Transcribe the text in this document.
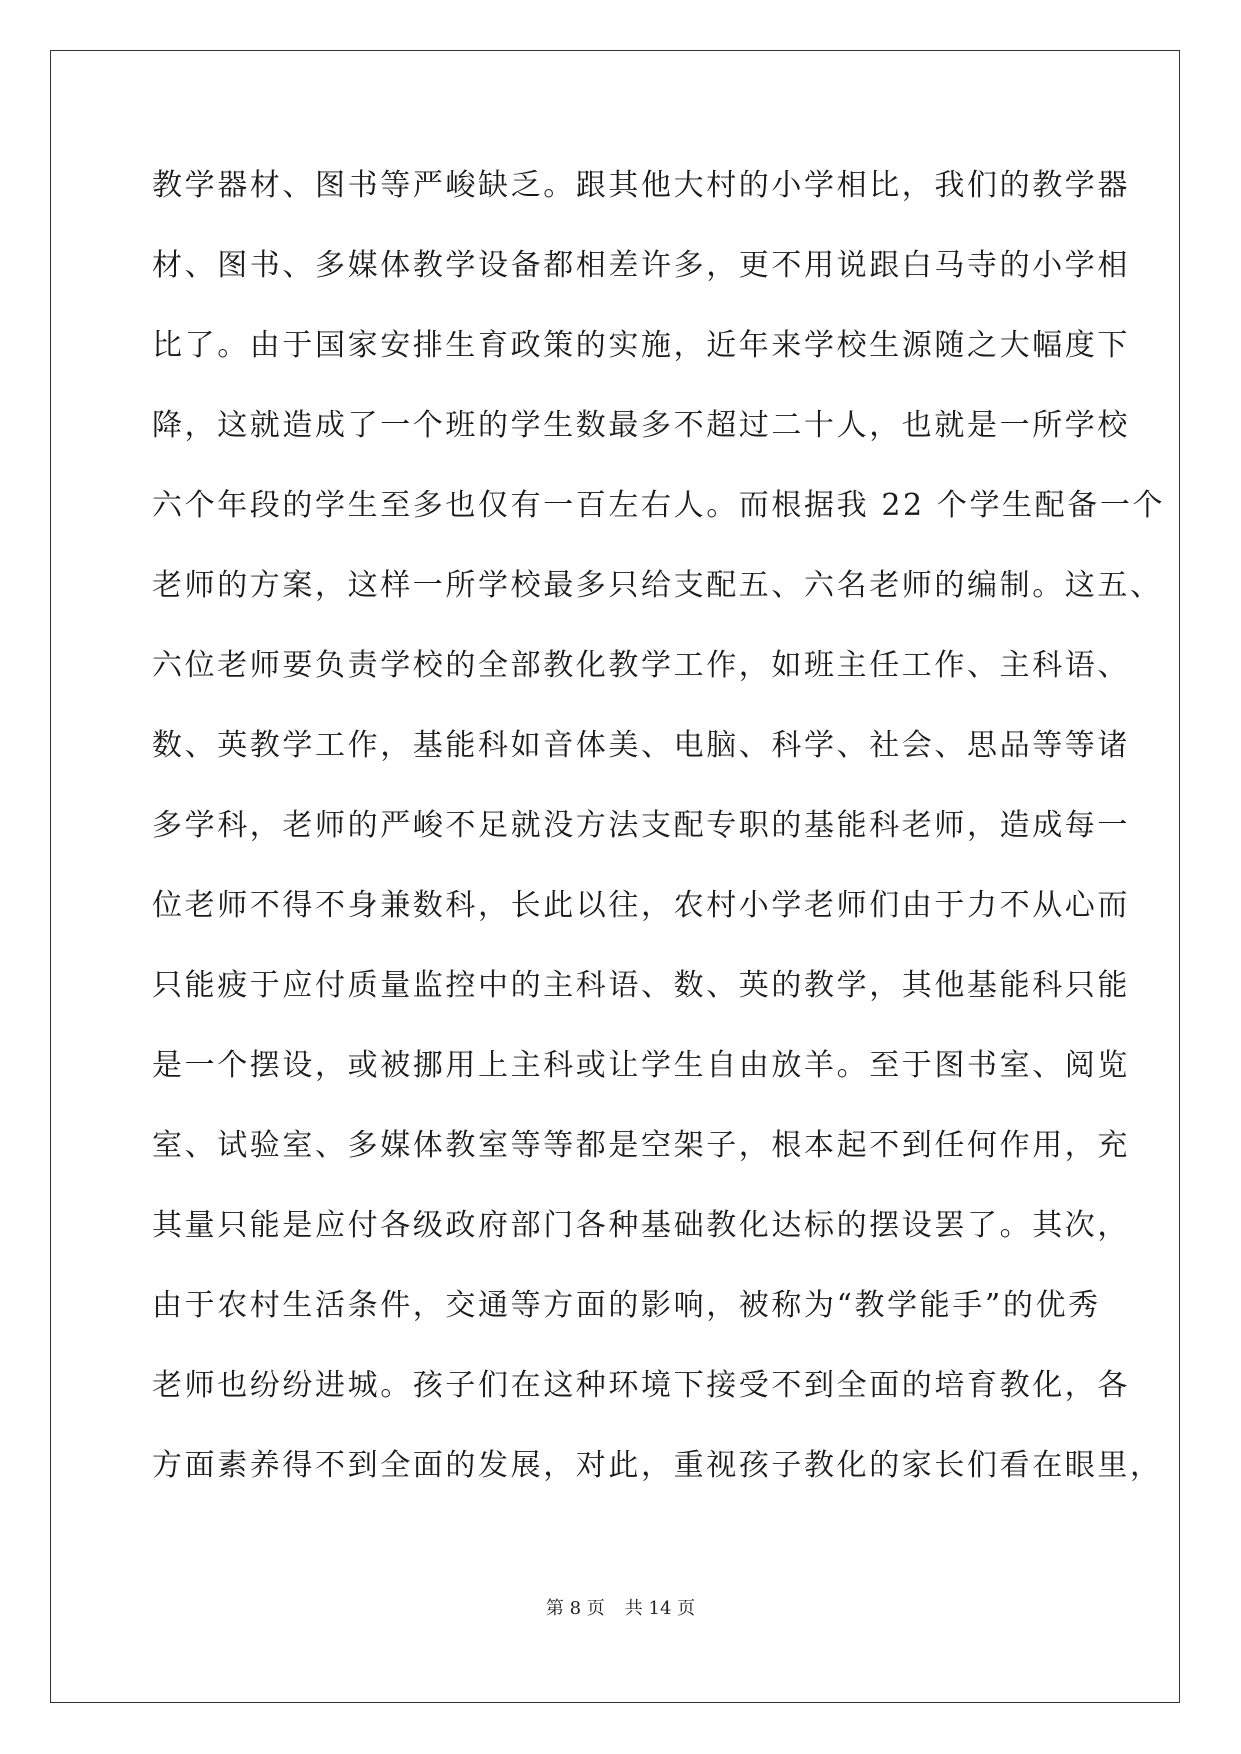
教学器材、图书等严峻缺乏。跟其他大村的小学相比，我们的教学器
材、图书、多媒体教学设备都相差许多，更不用说跟白马寺的小学相
比了。由于国家安排生育政策的实施，近年来学校生源随之大幅度下
降，这就造成了一个班的学生数最多不超过二十人，也就是一所学校
六个年段的学生至多也仅有一百左右人。而根据我 22 个学生配备一个
老师的方案，这样一所学校最多只给支配五、六名老师的编制。这五、
六位老师要负责学校的全部教化教学工作，如班主任工作、主科语、
数、英教学工作，基能科如音体美、电脑、科学、社会、思品等等诸
多学科，老师的严峻不足就没方法支配专职的基能科老师，造成每一
位老师不得不身兼数科，长此以往，农村小学老师们由于力不从心而
只能疲于应付质量监控中的主科语、数、英的教学，其他基能科只能
是一个摆设，或被挪用上主科或让学生自由放羊。至于图书室、阅览
室、试验室、多媒体教室等等都是空架子，根本起不到任何作用，充
其量只能是应付各级政府部门各种基础教化达标的摆设罢了。其次，
由于农村生活条件，交通等方面的影响，被称为“教学能手”的优秀
老师也纷纷进城。孩子们在这种环境下接受不到全面的培育教化，各
方面素养得不到全面的发展，对此，重视孩子教化的家长们看在眼里，
第 8 页 共 14 页
